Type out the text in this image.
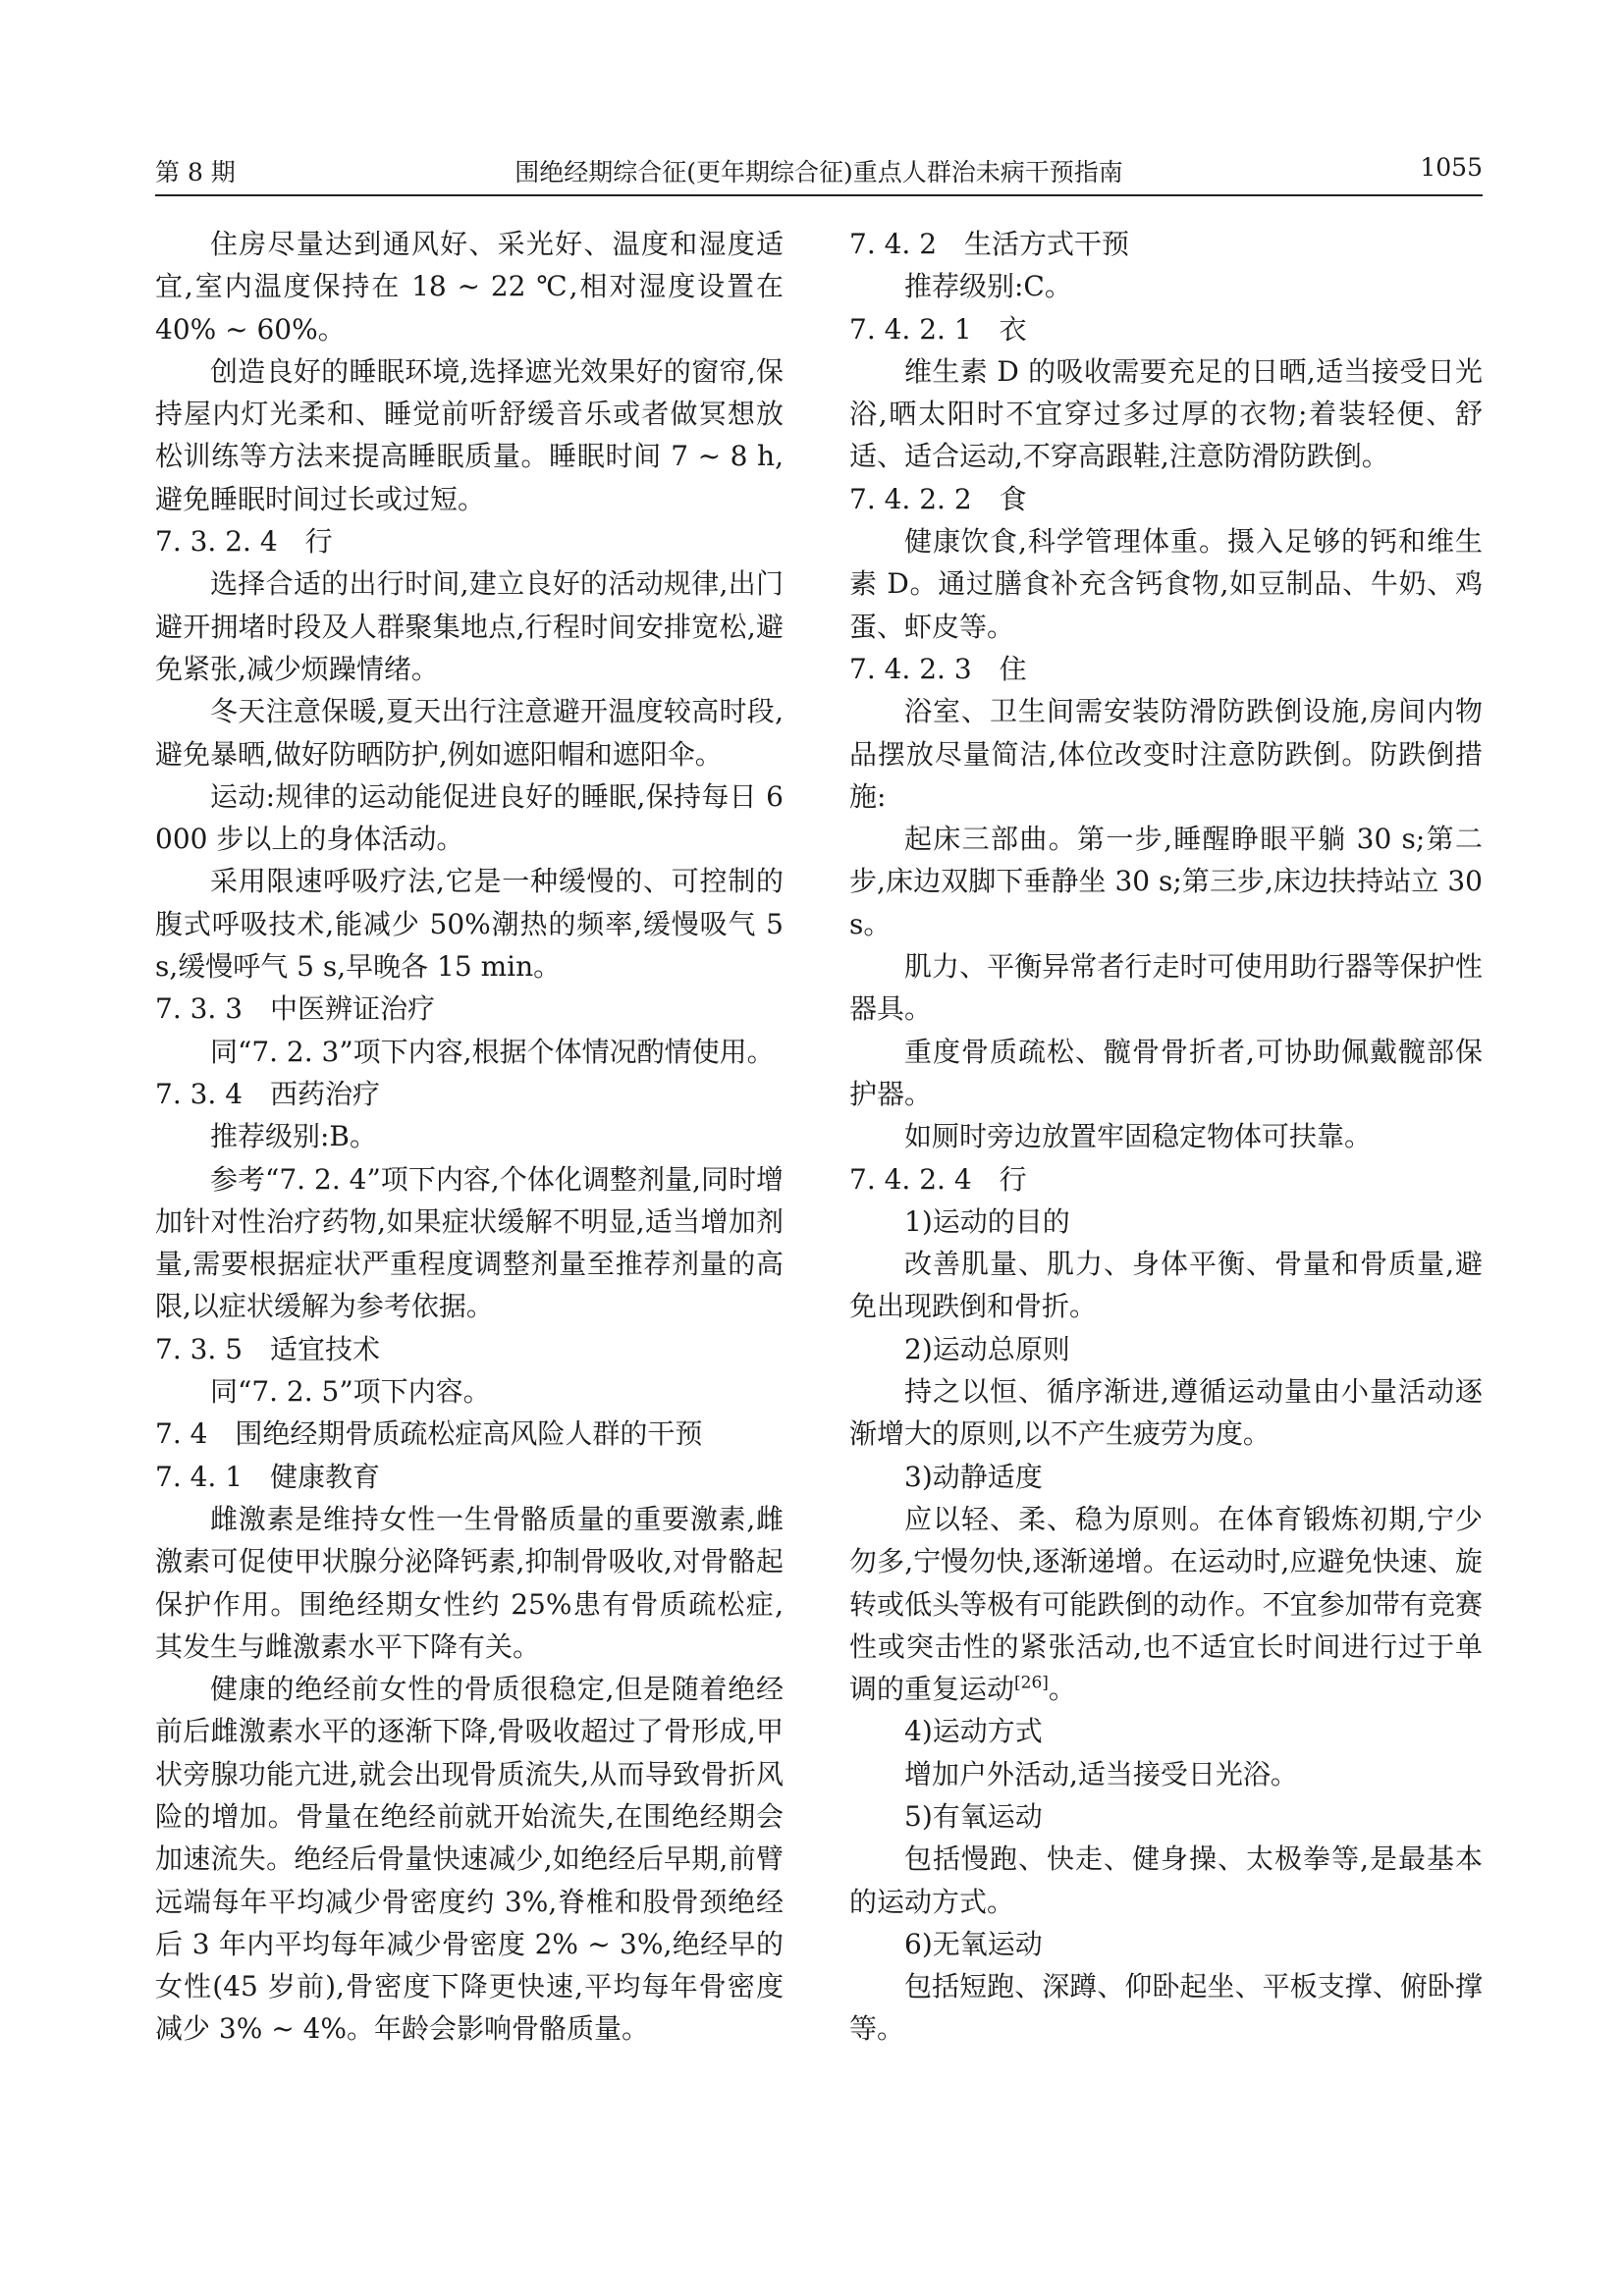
第 8 期	围绝经期综合征(更年期综合征)重点人群治未病干预指南	1055

住房尽量达到通风好、采光好、温度和湿度适宜,室内温度保持在 18 ~ 22 ℃,相对湿度设置在 40% ~ 60%。

创造良好的睡眠环境,选择遮光效果好的窗帘,保持屋内灯光柔和、睡觉前听舒缓音乐或者做冥想放松训练等方法来提高睡眠质量。睡眠时间 7 ~ 8 h,避免睡眠时间过长或过短。

7. 3. 2. 4　行

选择合适的出行时间,建立良好的活动规律,出门避开拥堵时段及人群聚集地点,行程时间安排宽松,避免紧张,减少烦躁情绪。

冬天注意保暖,夏天出行注意避开温度较高时段,避免暴晒,做好防晒防护,例如遮阳帽和遮阳伞。

运动:规律的运动能促进良好的睡眠,保持每日 6 000 步以上的身体活动。

采用限速呼吸疗法,它是一种缓慢的、可控制的腹式呼吸技术,能减少 50%潮热的频率,缓慢吸气 5 s,缓慢呼气 5 s,早晚各 15 min。

7. 3. 3　中医辨证治疗

同“7. 2. 3”项下内容,根据个体情况酌情使用。

7. 3. 4　西药治疗

推荐级别:B。

参考“7. 2. 4”项下内容,个体化调整剂量,同时增加针对性治疗药物,如果症状缓解不明显,适当增加剂量,需要根据症状严重程度调整剂量至推荐剂量的高限,以症状缓解为参考依据。

7. 3. 5　适宜技术

同“7. 2. 5”项下内容。

7. 4　围绝经期骨质疏松症高风险人群的干预

7. 4. 1　健康教育

雌激素是维持女性一生骨骼质量的重要激素,雌激素可促使甲状腺分泌降钙素,抑制骨吸收,对骨骼起保护作用。围绝经期女性约 25%患有骨质疏松症,其发生与雌激素水平下降有关。

健康的绝经前女性的骨质很稳定,但是随着绝经前后雌激素水平的逐渐下降,骨吸收超过了骨形成,甲状旁腺功能亢进,就会出现骨质流失,从而导致骨折风险的增加。骨量在绝经前就开始流失,在围绝经期会加速流失。绝经后骨量快速减少,如绝经后早期,前臂远端每年平均减少骨密度约 3%,脊椎和股骨颈绝经后 3 年内平均每年减少骨密度 2% ~ 3%,绝经早的女性(45 岁前),骨密度下降更快速,平均每年骨密度减少 3% ~ 4%。年龄会影响骨骼质量。

7. 4. 2　生活方式干预

推荐级别:C。

7. 4. 2. 1　衣

维生素 D 的吸收需要充足的日晒,适当接受日光浴,晒太阳时不宜穿过多过厚的衣物;着装轻便、舒适、适合运动,不穿高跟鞋,注意防滑防跌倒。

7. 4. 2. 2　食

健康饮食,科学管理体重。摄入足够的钙和维生素 D。通过膳食补充含钙食物,如豆制品、牛奶、鸡蛋、虾皮等。

7. 4. 2. 3　住

浴室、卫生间需安装防滑防跌倒设施,房间内物品摆放尽量简洁,体位改变时注意防跌倒。防跌倒措施:

起床三部曲。第一步,睡醒睁眼平躺 30 s;第二步,床边双脚下垂静坐 30 s;第三步,床边扶持站立 30 s。

肌力、平衡异常者行走时可使用助行器等保护性器具。

重度骨质疏松、髋骨骨折者,可协助佩戴髋部保护器。

如厕时旁边放置牢固稳定物体可扶靠。

7. 4. 2. 4　行

1)运动的目的

改善肌量、肌力、身体平衡、骨量和骨质量,避免出现跌倒和骨折。

2)运动总原则

持之以恒、循序渐进,遵循运动量由小量活动逐渐增大的原则,以不产生疲劳为度。

3)动静适度

应以轻、柔、稳为原则。在体育锻炼初期,宁少勿多,宁慢勿快,逐渐递增。在运动时,应避免快速、旋转或低头等极有可能跌倒的动作。不宜参加带有竞赛性或突击性的紧张活动,也不适宜长时间进行过于单调的重复运动[26]。

4)运动方式

增加户外活动,适当接受日光浴。

5)有氧运动

包括慢跑、快走、健身操、太极拳等,是最基本的运动方式。

6)无氧运动

包括短跑、深蹲、仰卧起坐、平板支撑、俯卧撑等。
